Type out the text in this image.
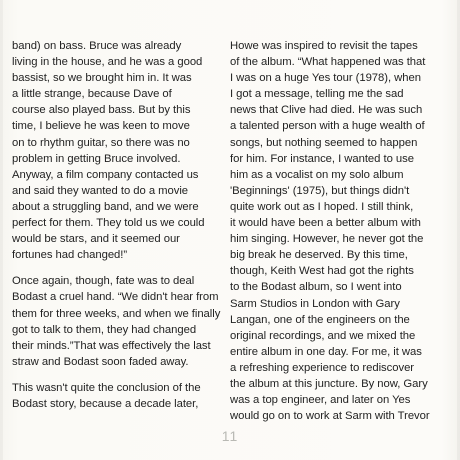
band) on bass. Bruce was already
living in the house, and he was a good
bassist, so we brought him in. It was
a little strange, because Dave of
course also played bass. But by this
time, I believe he was keen to move
on to rhythm guitar, so there was no
problem in getting Bruce involved.
Anyway, a film company contacted us
and said they wanted to do a movie
about a struggling band, and we were
perfect for them. They told us we could
would be stars, and it seemed our
fortunes had changed!”
Once again, though, fate was to deal
Bodast a cruel hand. “We didn't hear from
them for three weeks, and when we finally
got to talk to them, they had changed
their minds.”That was effectively the last
straw and Bodast soon faded away.
This wasn't quite the conclusion of the
Bodast story, because a decade later,
Howe was inspired to revisit the tapes
of the album. “What happened was that
I was on a huge Yes tour (1978), when
I got a message, telling me the sad
news that Clive had died. He was such
a talented person with a huge wealth of
songs, but nothing seemed to happen
for him. For instance, I wanted to use
him as a vocalist on my solo album
'Beginnings' (1975), but things didn't
quite work out as I hoped. I still think,
it would have been a better album with
him singing. However, he never got the
big break he deserved. By this time,
though, Keith West had got the rights
to the Bodast album, so I went into
Sarm Studios in London with Gary
Langan, one of the engineers on the
original recordings, and we mixed the
entire album in one day. For me, it was
a refreshing experience to rediscover
the album at this juncture. By now, Gary
was a top engineer, and later on Yes
would go on to work at Sarm with Trevor
11
